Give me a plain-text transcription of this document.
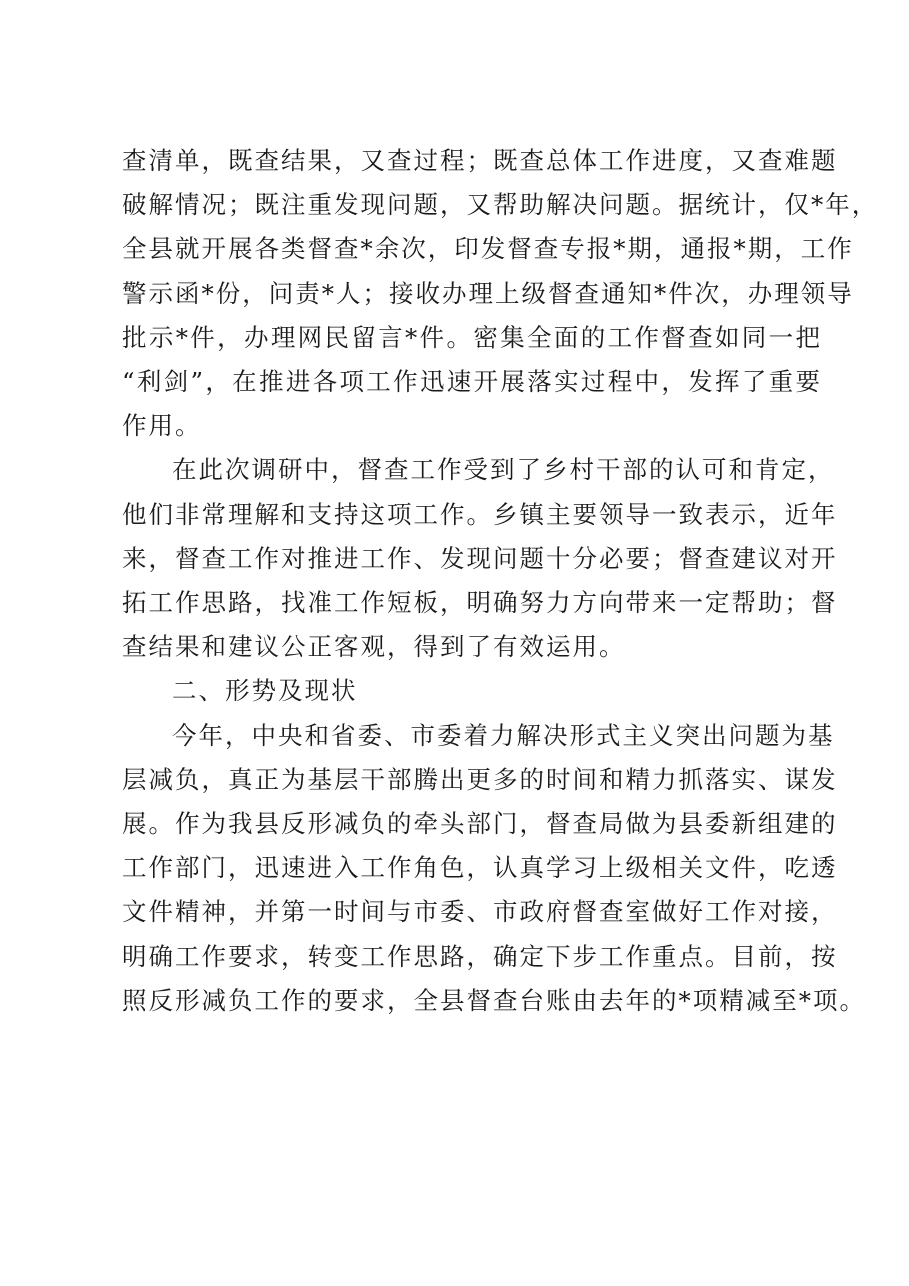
查清单，既查结果，又查过程；既查总体工作进度，又查难题
破解情况；既注重发现问题，又帮助解决问题。据统计，仅*年，
全县就开展各类督查*余次，印发督查专报*期，通报*期，工作
警示函*份，问责*人；接收办理上级督查通知*件次，办理领导
批示*件，办理网民留言*件。密集全面的工作督查如同一把
“利剑”，在推进各项工作迅速开展落实过程中，发挥了重要
作用。
在此次调研中，督查工作受到了乡村干部的认可和肯定，
他们非常理解和支持这项工作。乡镇主要领导一致表示，近年
来，督查工作对推进工作、发现问题十分必要；督查建议对开
拓工作思路，找准工作短板，明确努力方向带来一定帮助；督
查结果和建议公正客观，得到了有效运用。
二、形势及现状
今年，中央和省委、市委着力解决形式主义突出问题为基
层减负，真正为基层干部腾出更多的时间和精力抓落实、谋发
展。作为我县反形减负的牵头部门，督查局做为县委新组建的
工作部门，迅速进入工作角色，认真学习上级相关文件，吃透
文件精神，并第一时间与市委、市政府督查室做好工作对接，
明确工作要求，转变工作思路，确定下步工作重点。目前，按
照反形减负工作的要求，全县督查台账由去年的*项精减至*项。
